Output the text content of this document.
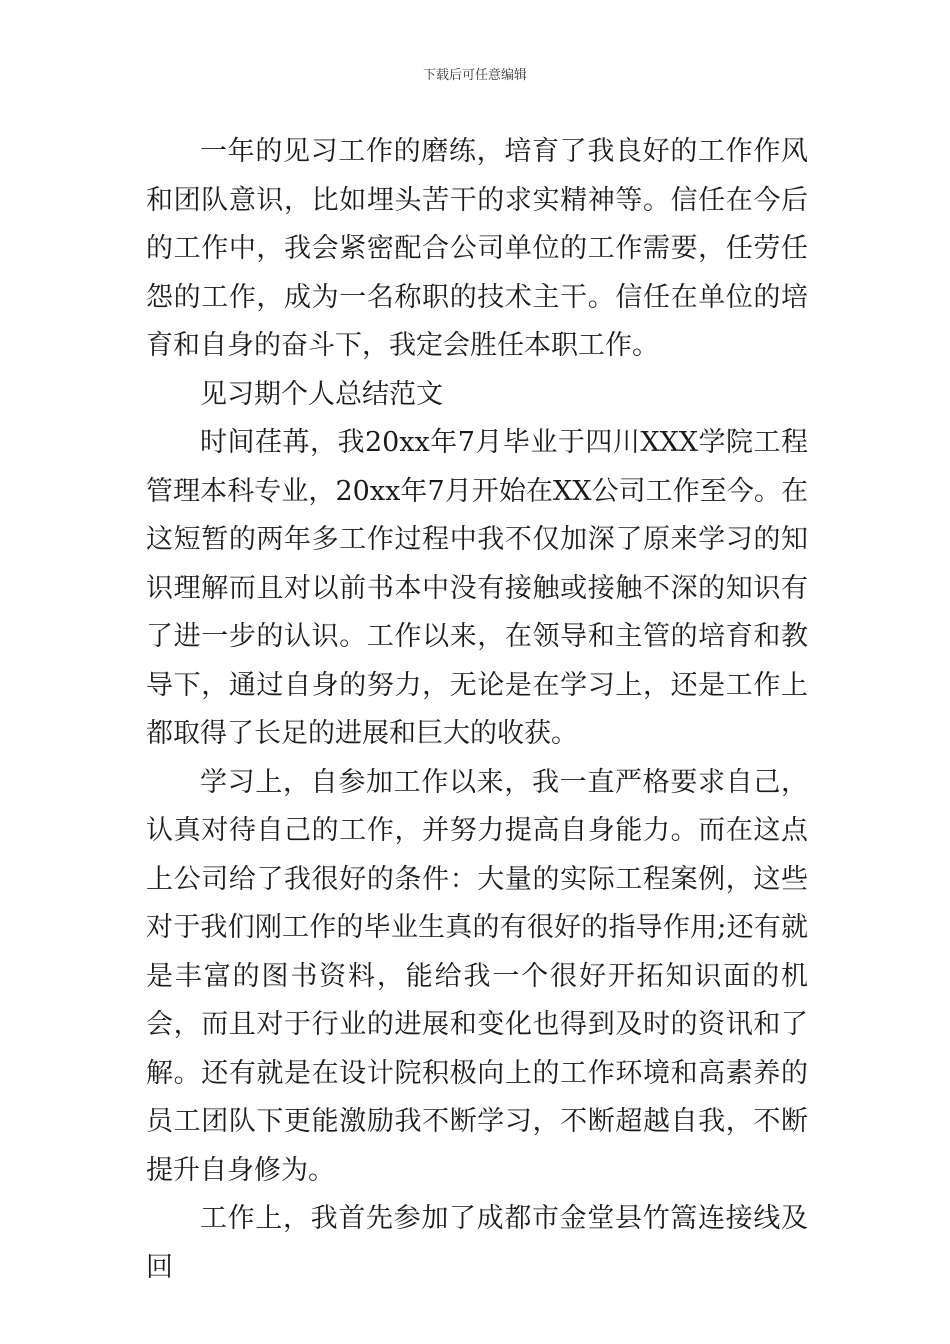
下载后可任意编辑

一年的见习工作的磨练，培育了我良好的工作作风和团队意识，比如埋头苦干的求实精神等。信任在今后的工作中，我会紧密配合公司单位的工作需要，任劳任怨的工作，成为一名称职的技术主干。信任在单位的培育和自身的奋斗下，我定会胜任本职工作。

见习期个人总结范文

时间荏苒，我20xx年7月毕业于四川XXX学院工程管理本科专业，20xx年7月开始在XX公司工作至今。在这短暂的两年多工作过程中我不仅加深了原来学习的知识理解而且对以前书本中没有接触或接触不深的知识有了进一步的认识。工作以来，在领导和主管的培育和教导下，通过自身的努力，无论是在学习上，还是工作上都取得了长足的进展和巨大的收获。

学习上，自参加工作以来，我一直严格要求自己，认真对待自己的工作，并努力提高自身能力。而在这点上公司给了我很好的条件：大量的实际工程案例，这些对于我们刚工作的毕业生真的有很好的指导作用;还有就是丰富的图书资料，能给我一个很好开拓知识面的机会，而且对于行业的进展和变化也得到及时的资讯和了解。还有就是在设计院积极向上的工作环境和高素养的员工团队下更能激励我不断学习，不断超越自我，不断提升自身修为。

工作上，我首先参加了成都市金堂县竹篙连接线及回
